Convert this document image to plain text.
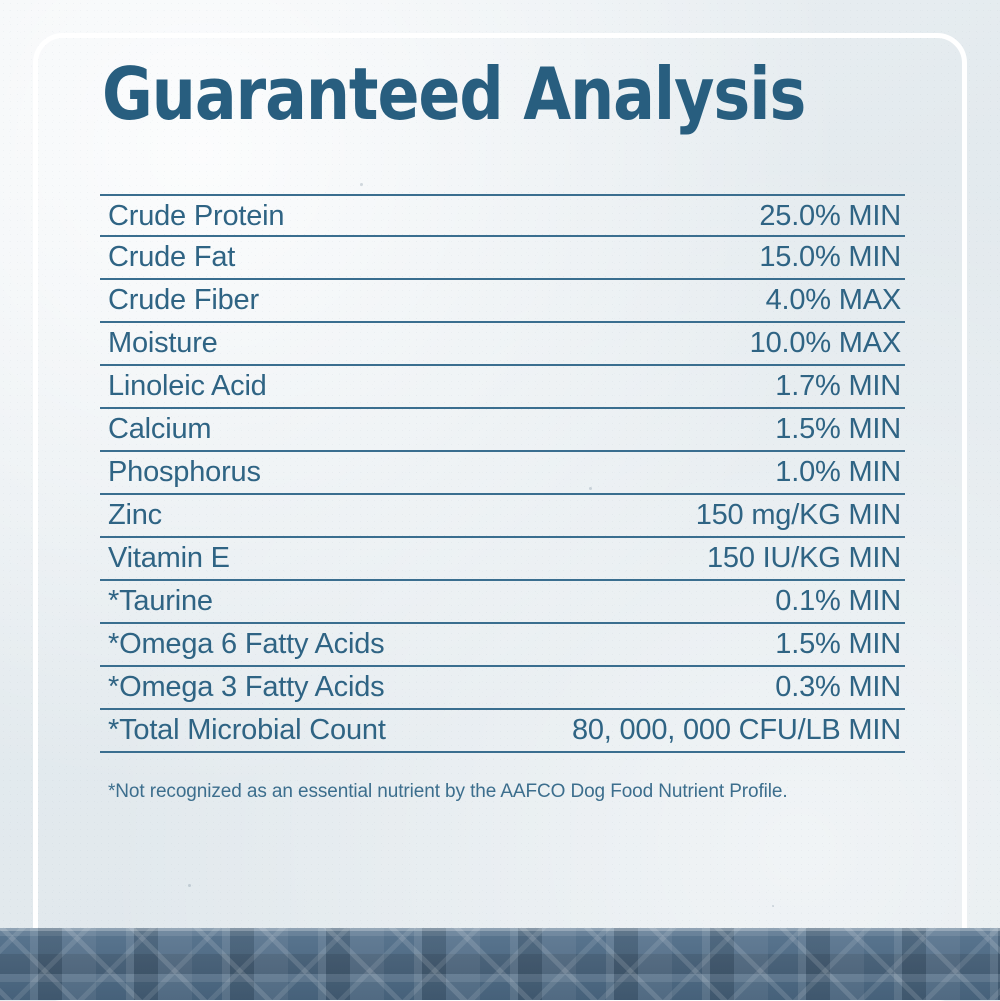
Guaranteed Analysis
Crude Protein	25.0% MIN
Crude Fat	15.0% MIN
Crude Fiber	4.0% MAX
Moisture	10.0% MAX
Linoleic Acid	1.7% MIN
Calcium	1.5% MIN
Phosphorus	1.0% MIN
Zinc	150 mg/KG MIN
Vitamin E	150 IU/KG MIN
*Taurine	0.1% MIN
*Omega 6 Fatty Acids	1.5% MIN
*Omega 3 Fatty Acids	0.3% MIN
*Total Microbial Count	80, 000, 000 CFU/LB MIN
*Not recognized as an essential nutrient by the AAFCO Dog Food Nutrient Profile.
